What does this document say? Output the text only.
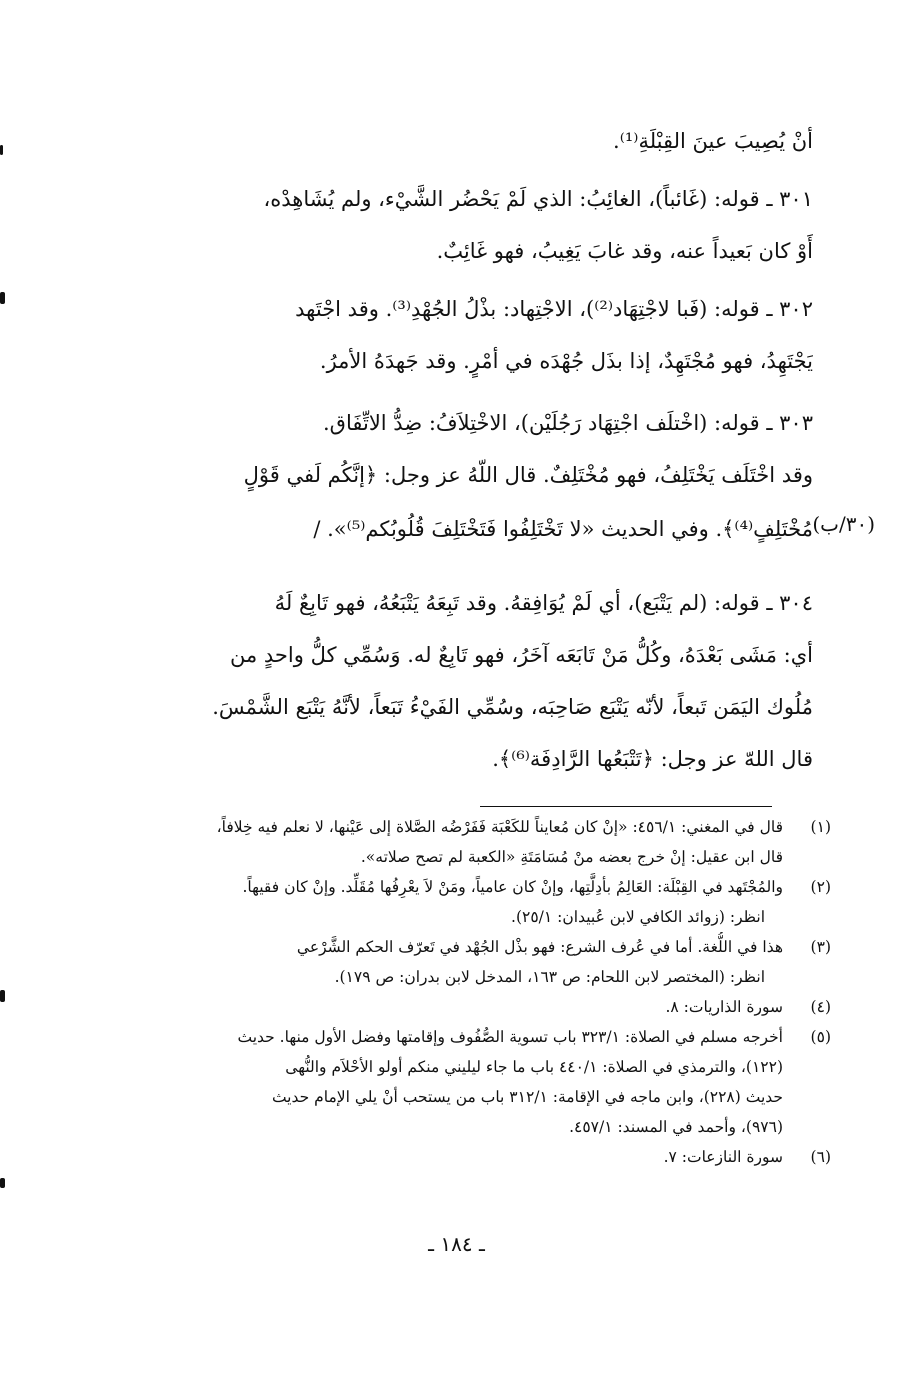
أنْ يُصِيبَ عينَ القِبْلَةِ⁽¹⁾.
٣٠١ ـ قوله: (غَائباً)، الغائِبُ: الذي لَمْ يَحْضُر الشَّيْء، ولم يُشَاهِدْه،
أَوْ كان بَعيداً عنه، وقد غابَ يَغِيبُ، فهو غَائِبٌ.
٣٠٢ ـ قوله: (فَبا لاجْتِهَاد⁽²⁾)، الاجْتِهاد: بذْلُ الجُهْدِ⁽³⁾. وقد اجْتَهد
يَجْتَهِدُ، فهو مُجْتَهِدٌ، إذا بذَل جُهْدَه في أمْرٍ. وقد جَهدَهُ الأمرُ.
٣٠٣ ـ قوله: (اخْتلَف اجْتِهَاد رَجُلَيْن)، الاخْتِلاَفُ: ضِدُّ الاتِّفَاق.
وقد اخْتَلَف يَخْتَلِفُ، فهو مُخْتَلِفٌ. قال اللّهُ عز وجل: ﴿إنَّكُم لَفي قَوْلٍ
مُخْتَلِفٍ⁽⁴⁾﴾. وفي الحديث «لا تَخْتَلِفُوا فَتَخْتَلِفَ قُلُوبُكم⁽⁵⁾». /
٣٠٤ ـ قوله: (لم يَتْبَع)، أي لَمْ يُوَافِقهُ. وقد تَبِعَهُ يَتْبَعُهُ، فهو تَابِعٌ لَهُ
أي: مَشَى بَعْدَهُ، وكُلُّ مَنْ تَابَعَه آخَرُ، فهو تَابِعٌ له. وَسُمِّي كلُّ واحدٍ من
مُلُوك اليَمَن تَبعاً، لأنّه يَتْبَع صَاحِبَه، وسُمِّي الفَيْءُ تَبَعاً، لأنَّهُ يَتْبَع الشَّمْسَ.
قال اللهّ عز وجل: ﴿تَتْبَعُها الرَّادِفَة⁽⁶⁾﴾.
(٣٠/ب)
(١)
قال في المغني: ٤٥٦/١: «إنْ كان مُعايناً للكَعْبَة فَفَرْضُه الصَّلاة إلى عَيْنها، لا نعلم فيه خِلافاً،
قال ابن عقيل: إنْ خرج بعضه منْ مُسَامَتَةِ «الكعبة لم تصح صلاته».
(٢)
والمُجْتَهد في القِبْلَة: العَالِمُ بأدِلَّتِها، وإنْ كان عامياً، ومَنْ لاَ يعْرِفُها مُقَلِّد. وإنْ كان فقيهاً.
انظر: (زوائد الكافي لابن عُبيدان: ٢٥/١).
(٣)
هذا في اللُّغة. أما في عُرف الشرع: فهو بذْل الجُهْد في تَعرّف الحكم الشَّرْعي
انظر: (المختصر لابن اللحام: ص ١٦٣، المدخل لابن بدران: ص ١٧٩).
(٤)
سورة الذاريات: ٨.
(٥)
أخرجه مسلم في الصلاة: ٣٢٣/١ باب تسوية الصُّفُوف وإقامتها وفضل الأول منها. حديث
(١٢٢)، والترمذي في الصلاة: ٤٤٠/١ باب ما جاء ليليني منكم أولو الأحْلاَم والنُّهى
حديث (٢٢٨)، وابن ماجه في الإقامة: ٣١٢/١ باب من يستحب أنْ يلي الإمام حديث
(٩٧٦)، وأحمد في المسند: ٤٥٧/١.
(٦)
سورة النازعات: ٧.
ـ ١٨٤ ـ
